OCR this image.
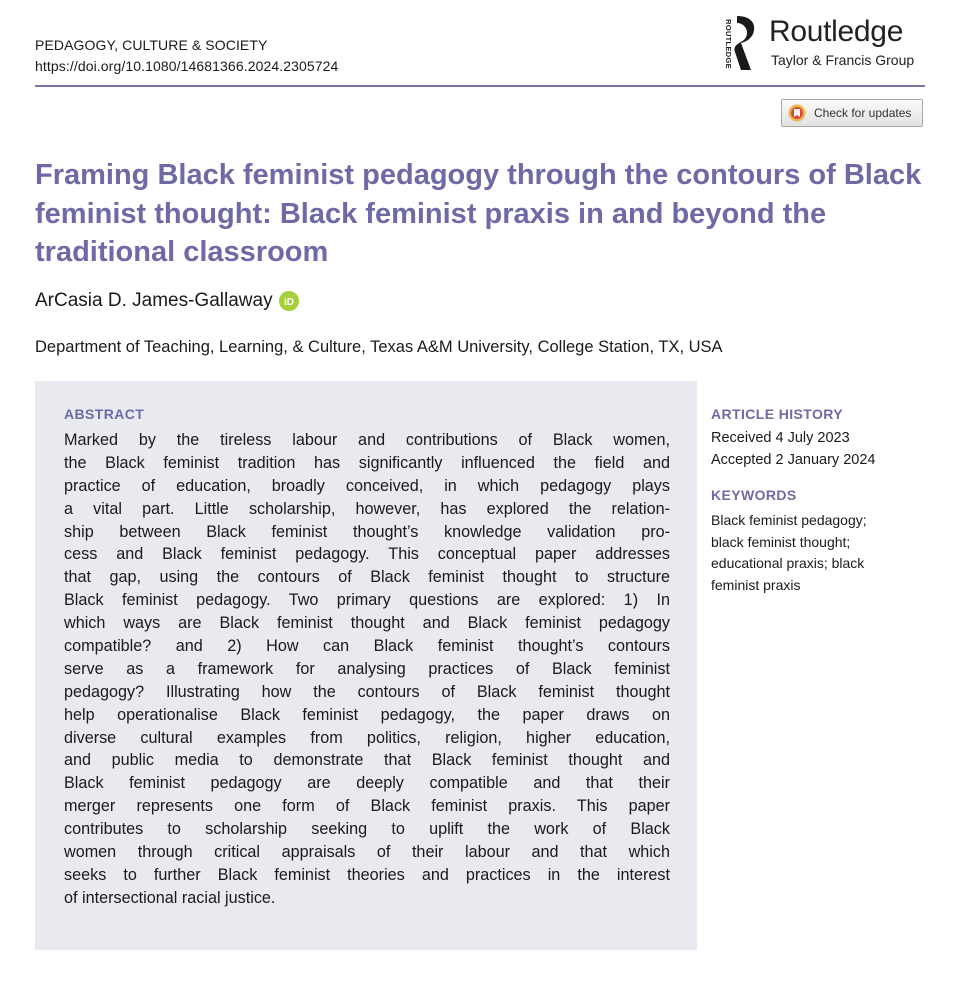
PEDAGOGY, CULTURE & SOCIETY
https://doi.org/10.1080/14681366.2024.2305724	ROUTLEDGE Routledge
Taylor & Francis Group
Check for updates
Framing Black feminist pedagogy through the contours of Black feminist thought: Black feminist praxis in and beyond the traditional classroom
ArCasia D. James-Gallaway iD
Department of Teaching, Learning, & Culture, Texas A&M University, College Station, TX, USA
ABSTRACT
Marked by the tireless labour and contributions of Black women,
the Black feminist tradition has significantly influenced the field and
practice of education, broadly conceived, in which pedagogy plays
a vital part. Little scholarship, however, has explored the relation-
ship between Black feminist thought’s knowledge validation pro-
cess and Black feminist pedagogy. This conceptual paper addresses
that gap, using the contours of Black feminist thought to structure
Black feminist pedagogy. Two primary questions are explored: 1) In
which ways are Black feminist thought and Black feminist pedagogy
compatible? and 2) How can Black feminist thought’s contours
serve as a framework for analysing practices of Black feminist
pedagogy? Illustrating how the contours of Black feminist thought
help operationalise Black feminist pedagogy, the paper draws on
diverse cultural examples from politics, religion, higher education,
and public media to demonstrate that Black feminist thought and
Black feminist pedagogy are deeply compatible and that their
merger represents one form of Black feminist praxis. This paper
contributes to scholarship seeking to uplift the work of Black
women through critical appraisals of their labour and that which
seeks to further Black feminist theories and practices in the interest
of intersectional racial justice.
ARTICLE HISTORY
Received 4 July 2023
Accepted 2 January 2024
KEYWORDS
Black feminist pedagogy;
black feminist thought;
educational praxis; black
feminist praxis
